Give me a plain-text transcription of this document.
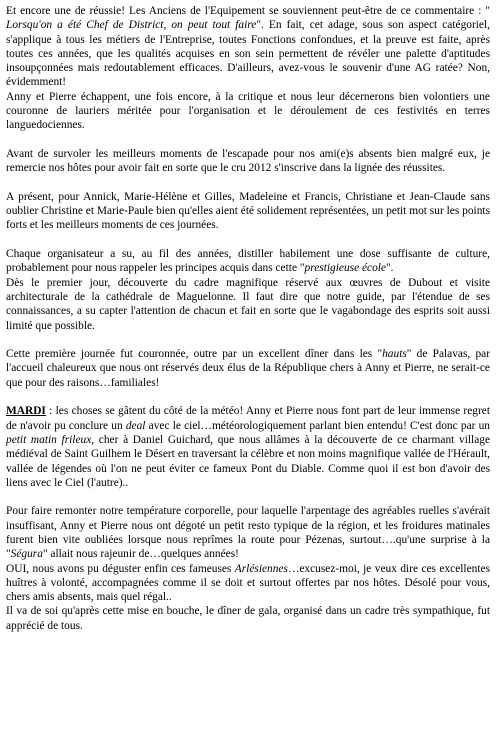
Et encore une de réussie! Les Anciens de l'Equipement se souviennent peut-être de ce commentaire : " Lorsqu'on a été Chef de District, on peut tout faire". En fait, cet adage, sous son aspect catégoriel, s'applique à tous les métiers de l'Entreprise, toutes Fonctions confondues, et la preuve est faite, après toutes ces années, que les qualités acquises en son sein permettent de révéler une palette d'aptitudes insoupçonnées mais redoutablement efficaces. D'ailleurs, avez-vous le souvenir d'une AG ratée? Non, évidemment!

Anny et Pierre échappent, une fois encore, à la critique et nous leur décernerons bien volontiers une couronne de lauriers méritée pour l'organisation et le déroulement de ces festivités en terres languedociennes.

Avant de survoler les meilleurs moments de l'escapade pour nos ami(e)s absents bien malgré eux, je remercie nos hôtes pour avoir fait en sorte que le cru 2012 s'inscrive dans la lignée des réussites.

A présent, pour Annick, Marie-Hélène et Gilles, Madeleine et Francis, Christiane et Jean-Claude sans oublier Christine et Marie-Paule bien qu'elles aient été solidement représentées, un petit mot sur les points forts et les meilleurs moments de ces journées.

Chaque organisateur a su, au fil des années, distiller habilement une dose suffisante de culture, probablement pour nous rappeler les principes acquis dans cette "prestigieuse école".

Dès le premier jour, découverte du cadre magnifique réservé aux œuvres de Dubout et visite architecturale de la cathédrale de Maguelonne. Il faut dire que notre guide, par l'étendue de ses connaissances, a su capter l'attention de chacun et fait en sorte que le vagabondage des esprits soit aussi limité que possible.

Cette première journée fut couronnée, outre par un excellent dîner dans les "hauts" de Palavas, par l'accueil chaleureux que nous ont réservés deux élus de la République chers à Anny et Pierre, ne serait-ce que pour des raisons…familiales!

MARDI : les choses se gâtent du côté de la météo! Anny et Pierre nous font part de leur immense regret de n'avoir pu conclure un deal avec le ciel…météorologiquement parlant bien entendu! C'est donc par un petit matin frileux, cher à Daniel Guichard, que nous allâmes à la découverte de ce charmant village médiéval de Saint Guilhem le Désert en traversant la célèbre et non moins magnifique vallée de l'Hérault, vallée de légendes où l'on ne peut éviter ce fameux Pont du Diable. Comme quoi il est bon d'avoir des liens avec le Ciel (l'autre)..

Pour faire remonter notre température corporelle, pour laquelle l'arpentage des agréables ruelles s'avérait insuffisant, Anny et Pierre nous ont dégoté un petit resto typique de la région, et les froidures matinales furent bien vite oubliées lorsque nous reprîmes la route pour Pézenas, surtout….qu'une surprise à la "Ségura" allait nous rajeunir de…quelques années!

OUI, nous avons pu déguster enfin ces fameuses Arlésiennes…excusez-moi, je veux dire ces excellentes huîtres à volonté, accompagnées comme il se doit et surtout offertes par nos hôtes. Désolé pour vous, chers amis absents, mais quel régal..

Il va de soi qu'après cette mise en bouche, le dîner de gala, organisé dans un cadre très sympathique, fut apprécié de tous.
